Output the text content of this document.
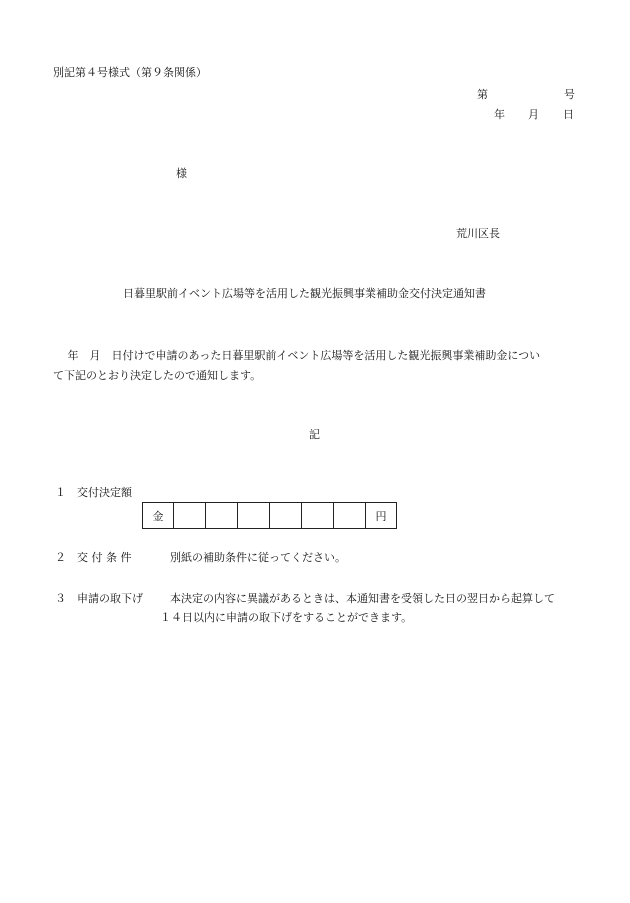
別記第４号様式（第９条関係）
第	号
年 月 日
様
荒川区長
日暮里駅前イベント広場等を活用した観光振興事業補助金交付決定通知書
　 年　月　日付けで申請のあった日暮里駅前イベント広場等を活用した観光振興事業補助金につい
て下記のとおり決定したので通知します。
記
１ 交付決定額
金							円
２ 交 付 条 件	別紙の補助条件に従ってください。
３ 申請の取下げ 本決定の内容に異議があるときは、本通知書を受領した日の翌日から起算して
１４日以内に申請の取下げをすることができます。
